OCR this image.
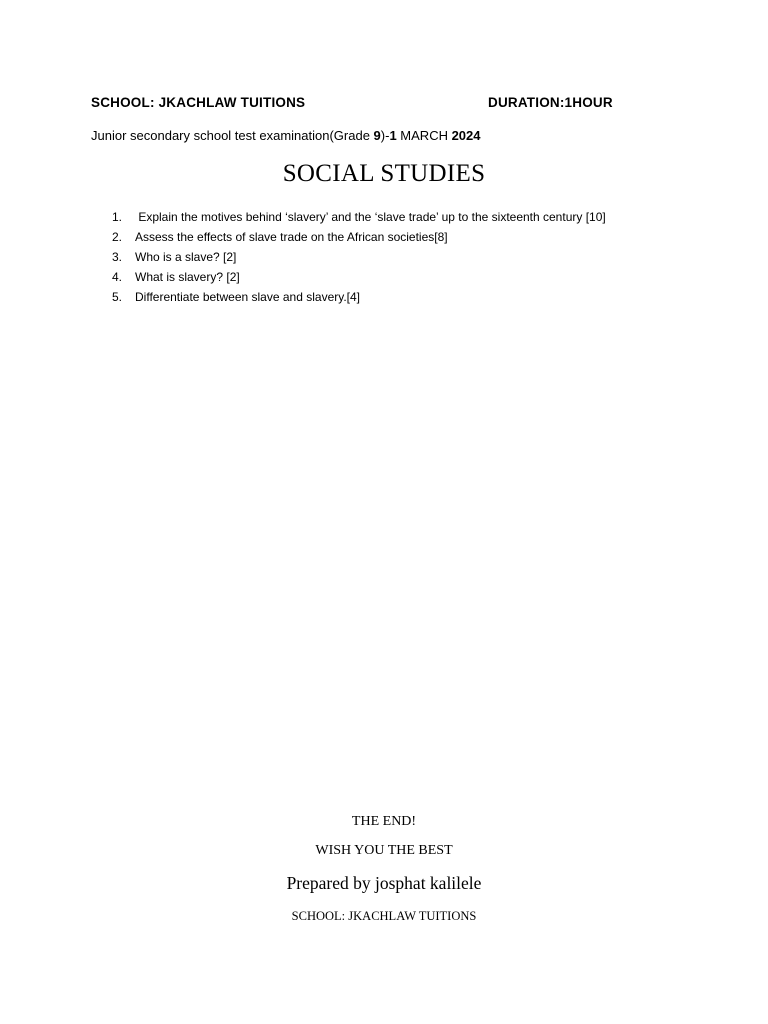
SCHOOL: JKACHLAW TUITIONS	DURATION:1HOUR
Junior secondary school test examination(Grade 9)-1 MARCH 2024
SOCIAL STUDIES
1. Explain the motives behind ‘slavery’ and the ‘slave trade’ up to the sixteenth century [10]
2. Assess the effects of slave trade on the African societies[8]
3. Who is a slave? [2]
4. What is slavery? [2]
5. Differentiate between slave and slavery.[4]
THE END!
WISH YOU THE BEST
Prepared by josphat kalilele
SCHOOL: JKACHLAW TUITIONS
